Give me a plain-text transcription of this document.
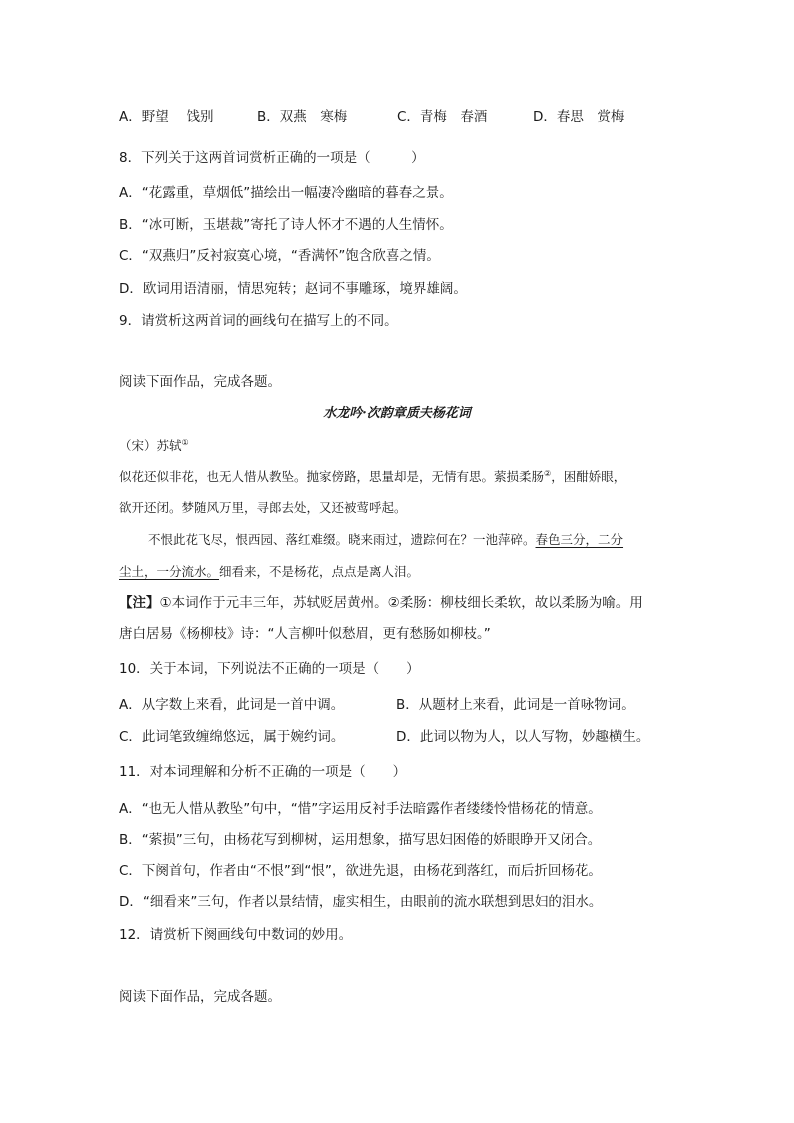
A．野望　 饯别	B．双燕　寒梅	C．青梅　春酒	D．春思　赏梅
8．下列关于这两首词赏析正确的一项是（　　　）
A．“花露重，草烟低”描绘出一幅凄冷幽暗的暮春之景。
B．“冰可断，玉堪裁”寄托了诗人怀才不遇的人生情怀。
C．“双燕归”反衬寂寞心境，“香满怀”饱含欣喜之情。
D．欧词用语清丽，情思宛转；赵词不事雕琢，境界雄阔。
9．请赏析这两首词的画线句在描写上的不同。
阅读下面作品，完成各题。
水龙吟·次韵章质夫杨花词
（宋）苏轼①
似花还似非花，也无人惜从教坠。抛家傍路，思量却是，无情有思。萦损柔肠②，困酣娇眼，
欲开还闭。梦随风万里，寻郎去处，又还被莺呼起。
不恨此花飞尽，恨西园、落红难缀。晓来雨过，遗踪何在？一池萍碎。春色三分，二分
尘土，一分流水。细看来，不是杨花，点点是离人泪。
【注】①本词作于元丰三年，苏轼贬居黄州。②柔肠：柳枝细长柔软，故以柔肠为喻。用
唐白居易《杨柳枝》诗：“人言柳叶似愁眉，更有愁肠如柳枝。”
10．关于本词，下列说法不正确的一项是（　　）
A．从字数上来看，此词是一首中调。	B．从题材上来看，此词是一首咏物词。
C．此词笔致缠绵悠远，属于婉约词。	D．此词以物为人，以人写物，妙趣横生。
11．对本词理解和分析不正确的一项是（　　）
A．“也无人惜从教坠”句中，“惜”字运用反衬手法暗露作者缕缕怜惜杨花的情意。
B．“萦损”三句，由杨花写到柳树，运用想象，描写思妇困倦的娇眼睁开又闭合。
C．下阕首句，作者由“不恨”到“恨”，欲进先退，由杨花到落红，而后折回杨花。
D．“细看来”三句，作者以景结情，虚实相生，由眼前的流水联想到思妇的泪水。
12．请赏析下阕画线句中数词的妙用。
阅读下面作品，完成各题。
